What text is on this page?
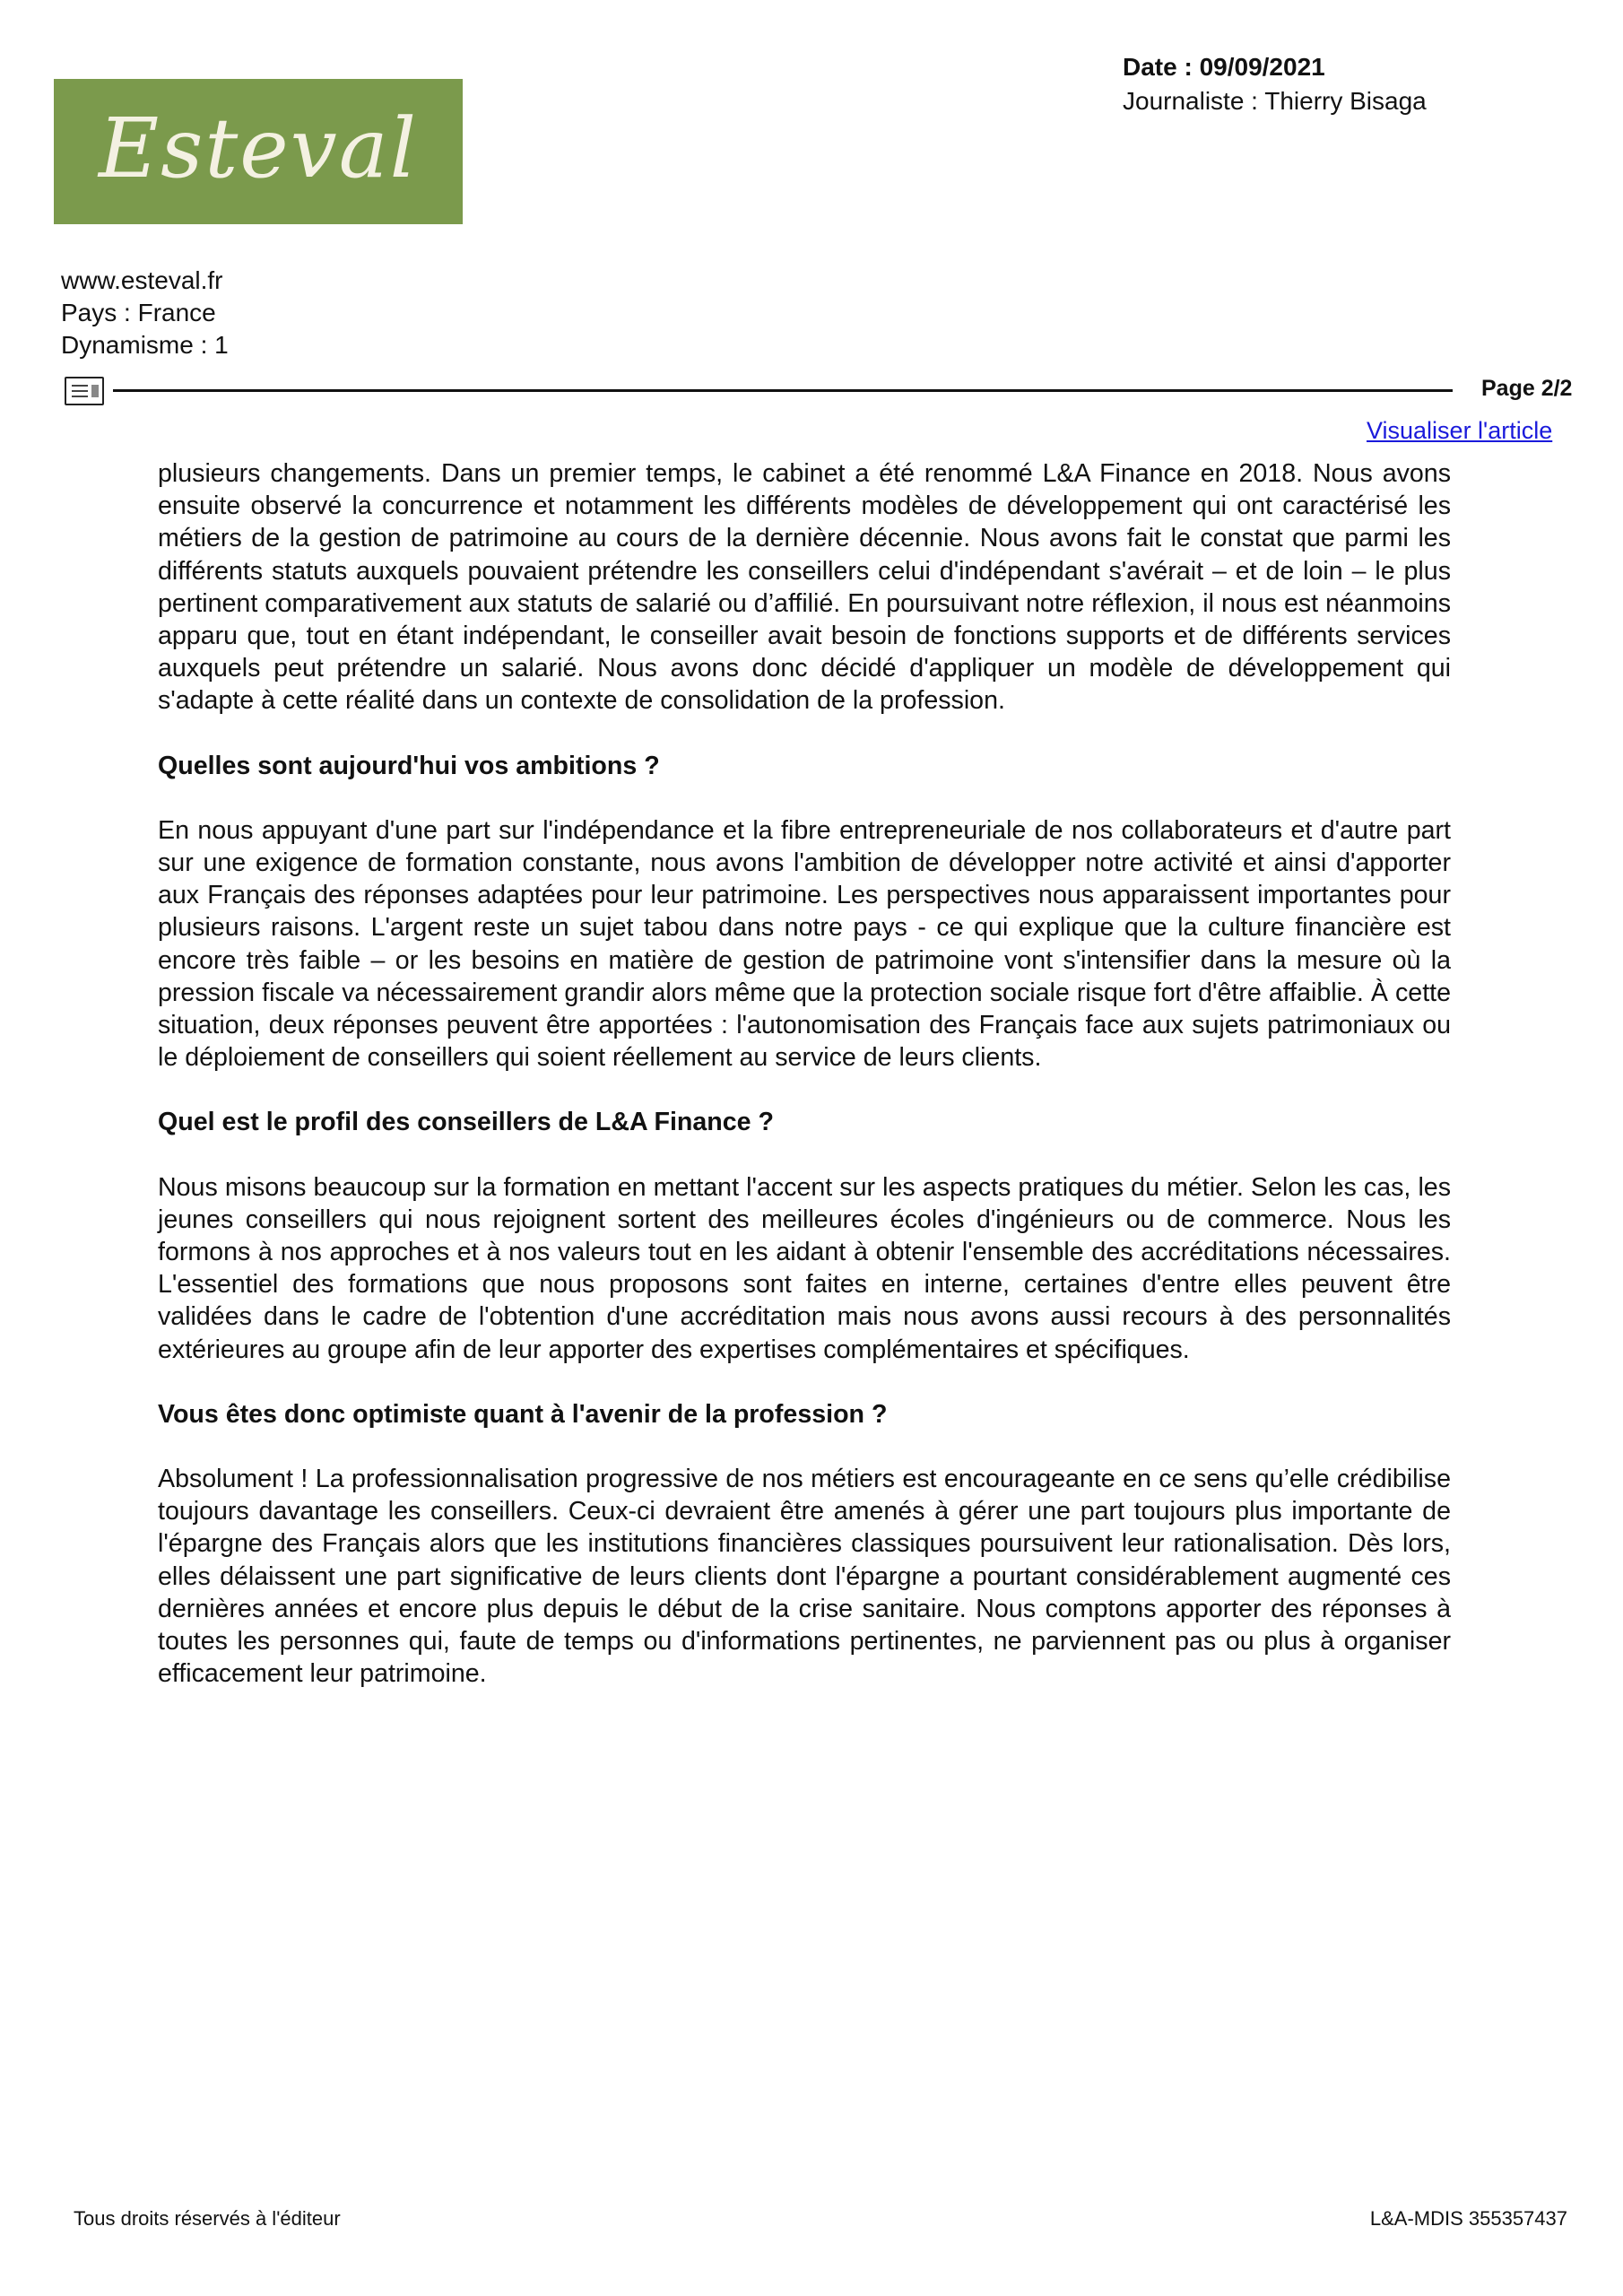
Esteval
Date : 09/09/2021
Journaliste : Thierry Bisaga
www.esteval.fr
Pays : France
Dynamisme : 1
Page 2/2
Visualiser l'article

plusieurs changements. Dans un premier temps, le cabinet a été renommé L&A Finance en 2018. Nous avons ensuite observé la concurrence et notamment les différents modèles de développement qui ont caractérisé les métiers de la gestion de patrimoine au cours de la dernière décennie. Nous avons fait le constat que parmi les différents statuts auxquels pouvaient prétendre les conseillers celui d'indépendant s'avérait – et de loin – le plus pertinent comparativement aux statuts de salarié ou d’affilié. En poursuivant notre réflexion, il nous est néanmoins apparu que, tout en étant indépendant, le conseiller avait besoin de fonctions supports et de différents services auxquels peut prétendre un salarié. Nous avons donc décidé d'appliquer un modèle de développement qui s'adapte à cette réalité dans un contexte de consolidation de la profession.

Quelles sont aujourd'hui vos ambitions ?

En nous appuyant d'une part sur l'indépendance et la fibre entrepreneuriale de nos collaborateurs et d'autre part sur une exigence de formation constante, nous avons l'ambition de développer notre activité et ainsi d'apporter aux Français des réponses adaptées pour leur patrimoine. Les perspectives nous apparaissent importantes pour plusieurs raisons. L'argent reste un sujet tabou dans notre pays - ce qui explique que la culture financière est encore très faible – or les besoins en matière de gestion de patrimoine vont s'intensifier dans la mesure où la pression fiscale va nécessairement grandir alors même que la protection sociale risque fort d'être affaiblie. À cette situation, deux réponses peuvent être apportées : l'autonomisation des Français face aux sujets patrimoniaux ou le déploiement de conseillers qui soient réellement au service de leurs clients.

Quel est le profil des conseillers de L&A Finance ?

Nous misons beaucoup sur la formation en mettant l'accent sur les aspects pratiques du métier. Selon les cas, les jeunes conseillers qui nous rejoignent sortent des meilleures écoles d'ingénieurs ou de commerce. Nous les formons à nos approches et à nos valeurs tout en les aidant à obtenir l'ensemble des accréditations nécessaires. L'essentiel des formations que nous proposons sont faites en interne, certaines d'entre elles peuvent être validées dans le cadre de l'obtention d'une accréditation mais nous avons aussi recours à des personnalités extérieures au groupe afin de leur apporter des expertises complémentaires et spécifiques.

Vous êtes donc optimiste quant à l'avenir de la profession ?

Absolument ! La professionnalisation progressive de nos métiers est encourageante en ce sens qu’elle crédibilise toujours davantage les conseillers. Ceux-ci devraient être amenés à gérer une part toujours plus importante de l'épargne des Français alors que les institutions financières classiques poursuivent leur rationalisation. Dès lors, elles délaissent une part significative de leurs clients dont l'épargne a pourtant considérablement augmenté ces dernières années et encore plus depuis le début de la crise sanitaire. Nous comptons apporter des réponses à toutes les personnes qui, faute de temps ou d'informations pertinentes, ne parviennent pas ou plus à organiser efficacement leur patrimoine.

Tous droits réservés à l'éditeur	L&A-MDIS 355357437
